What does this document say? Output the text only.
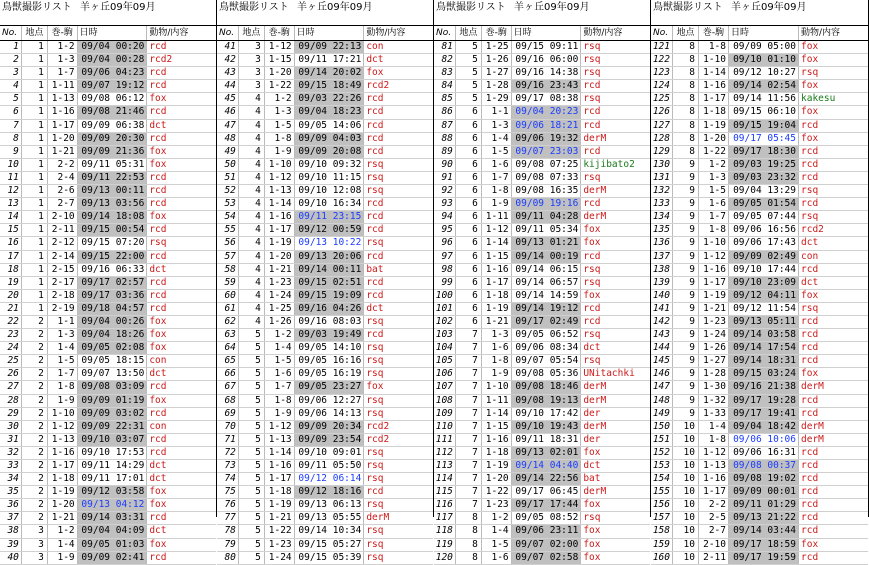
鳥獣撮影リスト 羊ヶ丘09年09月
No. 地点 巻-駒 日時	動物/内容
1	1	1-2 09/04 00:20 rcd
2	1	1-3 09/04 00:28 rcd2
3	1	1-7 09/06 04:23 rcd
4	1 1-11 09/07 19:12 rcd
5	1 1-13 09/08 06:12 fox
6	1 1-16 09/08 21:46 rcd
7	1 1-17 09/09 06:38 dct
8	1 1-20 09/09 20:30 rcd
9	1 1-21 09/09 21:36 fox
10	1	2-2 09/11 05:31 fox
11	1	2-4 09/11 22:53 rcd
12	1	2-6 09/13 00:11 rcd
13	1	2-7 09/13 03:56 rcd
14	1 2-10 09/14 18:08 fox
15	1 2-11 09/15 00:54 rcd
16	1 2-12 09/15 07:20 rsq
17	1 2-14 09/15 22:00 rcd
18	1 2-15 09/16 06:33 dct
19	1 2-17 09/17 02:57 rcd
20	1 2-18 09/17 03:36 rcd
21	1 2-19 09/18 04:57 rcd
22	2	1-1 09/04 00:26 fox
23	2	1-3 09/04 18:26 fox
24	2	1-4 09/05 02:08 fox
25	2	1-5 09/05 18:15 con
26	2	1-7 09/07 13:50 dct
27	2	1-8 09/08 03:09 rcd
28	2	1-9 09/09 01:19 fox
29	2 1-10 09/09 03:02 rcd
30	2 1-12 09/09 22:31 con
31	2 1-13 09/10 03:07 rcd
32	2 1-16 09/10 17:53 rcd
33	2 1-17 09/11 14:29 dct
34	2 1-18 09/11 17:01 dct
35	2 1-19 09/12 03:58 fox
36	2 1-20 09/13 04:12 fox
37	2 1-21 09/14 03:31 rcd
38	3	1-2 09/04 04:09 dct
39	3	1-4 09/05 01:03 fox
40	3	1-9 09/09 02:41 rcd
鳥獣撮影リスト 羊ヶ丘09年09月
No. 地点 巻-駒 日時	動物/内容
41	3 1-12 09/09 22:13 con
42	3 1-15 09/11 17:21 dct
43	3 1-20 09/14 20:02 fox
44	3 1-22 09/15 18:49 rcd2
45	4	1-2 09/03 22:26 rcd
46	4	1-3 09/04 18:23 rcd
47	4	1-5 09/05 14:06 rcd
48	4	1-8 09/09 04:03 rcd
49	4	1-9 09/09 20:08 rcd
50	4 1-10 09/10 09:32 rsq
51	4 1-12 09/10 11:15 rsq
52	4 1-13 09/10 12:08 rsq
53	4 1-14 09/10 16:34 rcd
54	4 1-16 09/11 23:15 rcd
55	4 1-17 09/12 00:59 rcd
56	4 1-19 09/13 10:22 rsq
57	4 1-20 09/13 20:06 rcd
58	4 1-21 09/14 00:11 bat
59	4 1-23 09/15 02:51 rcd
60	4 1-24 09/15 19:09 rcd
61	4 1-25 09/16 04:26 dct
62	4 1-26 09/16 08:03 rsq
63	5	1-2 09/03 19:49 rcd
64	5	1-4 09/05 14:10 rsq
65	5	1-5 09/05 16:16 rsq
66	5	1-6 09/05 16:19 rsq
67	5	1-7 09/05 23:27 fox
68	5	1-8 09/06 12:27 rsq
69	5	1-9 09/06 14:13 rsq
70	5 1-12 09/09 20:34 rcd2
71	5 1-13 09/09 23:54 rcd2
72	5 1-14 09/10 09:01 rsq
73	5 1-16 09/11 05:50 rsq
74	5 1-17 09/12 06:14 rsq
75	5 1-18 09/12 18:16 rcd
76	5 1-19 09/13 06:13 rsq
77	5 1-21 09/13 05:55 derM
78	5 1-22 09/14 10:34 rsq
79	5 1-23 09/15 05:27 rsq
80	5 1-24 09/15 05:39 rsq
鳥獣撮影リスト 羊ヶ丘09年09月
No. 地点 巻-駒 日時	動物/内容
81	5 1-25 09/15 09:11 rsq
82	5 1-26 09/16 06:00 rsq
83	5 1-27 09/16 14:38 rsq
84	5 1-28 09/16 23:43 rcd
85	5 1-29 09/17 08:38 rsq
86	6	1-1 09/04 20:23 rcd
87	6	1-3 09/06 18:21 rcd
88	6	1-4 09/06 19:32 derM
89	6	1-5 09/07 23:03 rcd
90	6	1-6 09/08 07:25 kijibato2
91	6	1-7 09/08 07:33 rsq
92	6	1-8 09/08 16:35 derM
93	6	1-9 09/09 19:16 rcd
94	6 1-11 09/11 04:28 derM
95	6 1-12 09/11 05:34 fox
96	6 1-14 09/13 01:21 fox
97	6 1-15 09/14 00:19 rcd
98	6 1-16 09/14 06:15 rsq
99	6 1-17 09/14 06:57 rsq
100	6 1-18 09/14 14:59 fox
101	6 1-19 09/14 19:12 rcd
102	6 1-21 09/17 02:49 rcd
103	7	1-3 09/05 06:52 rsq
104	7	1-6 09/06 08:34 dct
105	7	1-8 09/07 05:54 rsq
106	7	1-9 09/08 05:36 UNitachki
107	7 1-10 09/08 18:46 derM
108	7 1-11 09/08 19:13 derM
109	7 1-14 09/10 17:42 der
110	7 1-15 09/10 19:43 derM
111	7 1-16 09/11 18:31 der
112	7 1-18 09/13 02:01 fox
113	7 1-19 09/14 04:40 dct
114	7 1-20 09/14 22:56 bat
115	7 1-22 09/17 06:45 derM
116	7 1-23 09/17 17:44 fox
117	8	1-2 09/05 08:52 rsq
118	8	1-4 09/06 23:11 fox
119	8	1-5 09/07 02:00 fox
120	8	1-6 09/07 02:58 fox
鳥獣撮影リスト 羊ヶ丘09年09月
No. 地点 巻-駒 日時	動物/内容
121	8	1-8 09/09 05:00 fox
122	8 1-10 09/10 01:10 fox
123	8 1-14 09/12 10:27 rsq
124	8 1-16 09/14 02:54 fox
125	8 1-17 09/14 11:56 kakesu
126	8 1-18 09/15 06:10 fox
127	8 1-19 09/15 19:04 rcd
128	8 1-20 09/17 05:45 fox
129	8 1-22 09/17 18:30 rcd
130	9	1-2 09/03 19:25 rcd
131	9	1-3 09/03 23:32 rcd
132	9	1-5 09/04 13:29 rsq
133	9	1-6 09/05 01:54 rcd
134	9	1-7 09/05 07:44 rsq
135	9	1-8 09/06 16:56 rcd2
136	9 1-10 09/06 17:43 dct
137	9 1-12 09/09 02:49 con
138	9 1-16 09/10 17:44 rcd
139	9 1-17 09/10 23:09 dct
140	9 1-19 09/12 04:11 fox
141	9 1-21 09/12 11:54 rsq
142	9 1-23 09/13 05:11 rcd
143	9 1-24 09/14 03:58 rcd
144	9 1-26 09/14 17:54 rcd
145	9 1-27 09/14 18:31 rcd
146	9 1-28 09/15 03:24 fox
147	9 1-30 09/16 21:38 derM
148	9 1-32 09/17 19:28 rcd
149	9 1-33 09/17 19:41 rcd
150	10	1-4 09/04 18:42 derM
151	10	1-8 09/06 10:06 derM
152	10 1-12 09/06 16:31 rcd
153	10 1-13 09/08 00:37 rcd
154	10 1-16 09/08 19:02 rcd
155	10 1-17 09/09 00:01 rcd
156	10	2-2 09/11 01:29 rcd
157	10	2-5 09/13 21:22 rcd
158	10	2-7 09/14 03:44 rcd
159	10 2-10 09/17 18:59 fox
160	10 2-11 09/17 19:59 rcd
